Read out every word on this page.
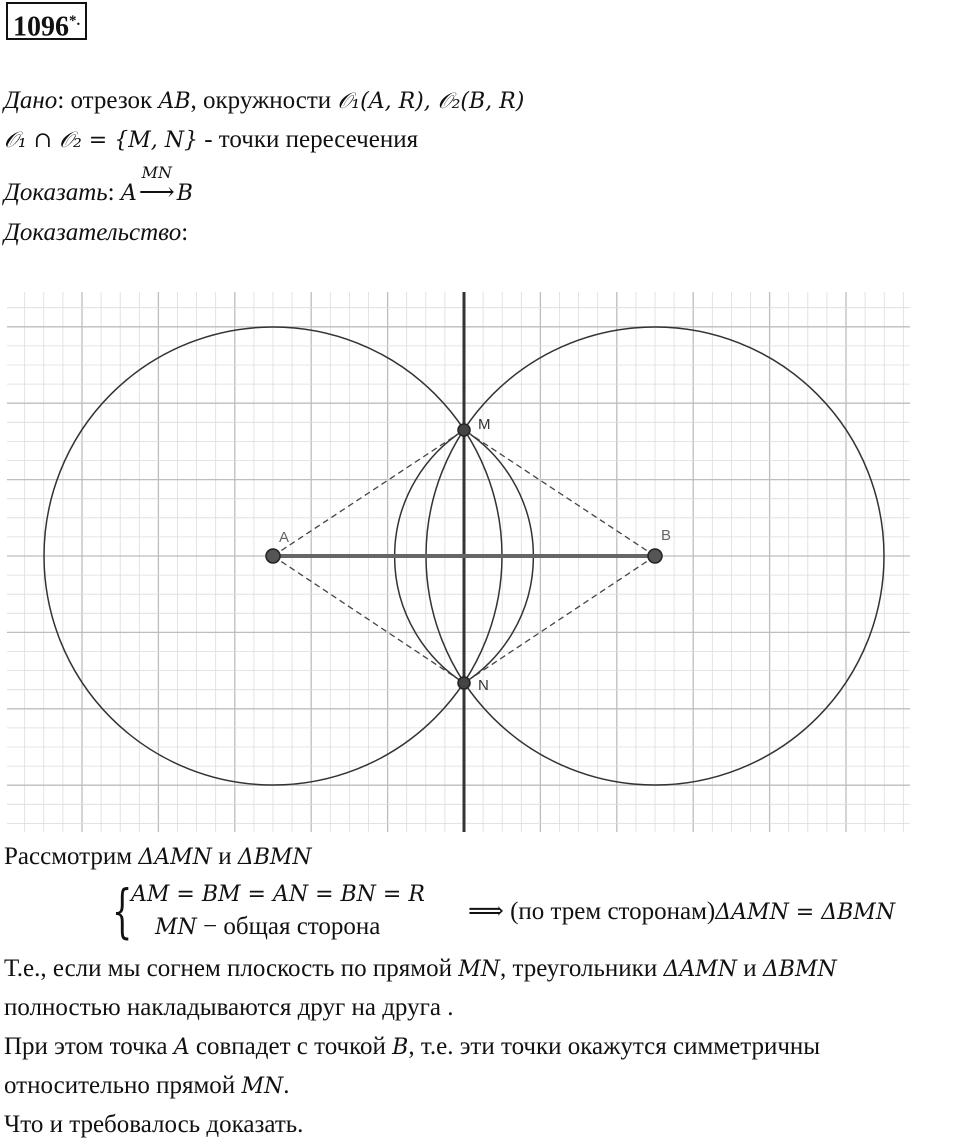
1096*.
Дано: отрезок AB, окружности 𝒪₁(A, R), 𝒪₂(B, R)
𝒪₁ ∩ 𝒪₂ = {M, N} - точки пересечения
Доказать: A
MN
⟶B
Доказательство:
A	B
M
N
Рассмотрим ΔAMN и ΔBMN
{
AM = BM = AN = BN = R
MN − общая сторона
⟹ (по трем сторонам)ΔAMN = ΔBMN
Т.е., если мы согнем плоскость по прямой MN, треугольники ΔAMN и ΔBMN
полностью накладываются друг на друга .
При этом точка A совпадет с точкой B, т.е. эти точки окажутся симметричны
относительно прямой MN.
Что и требовалось доказать.
